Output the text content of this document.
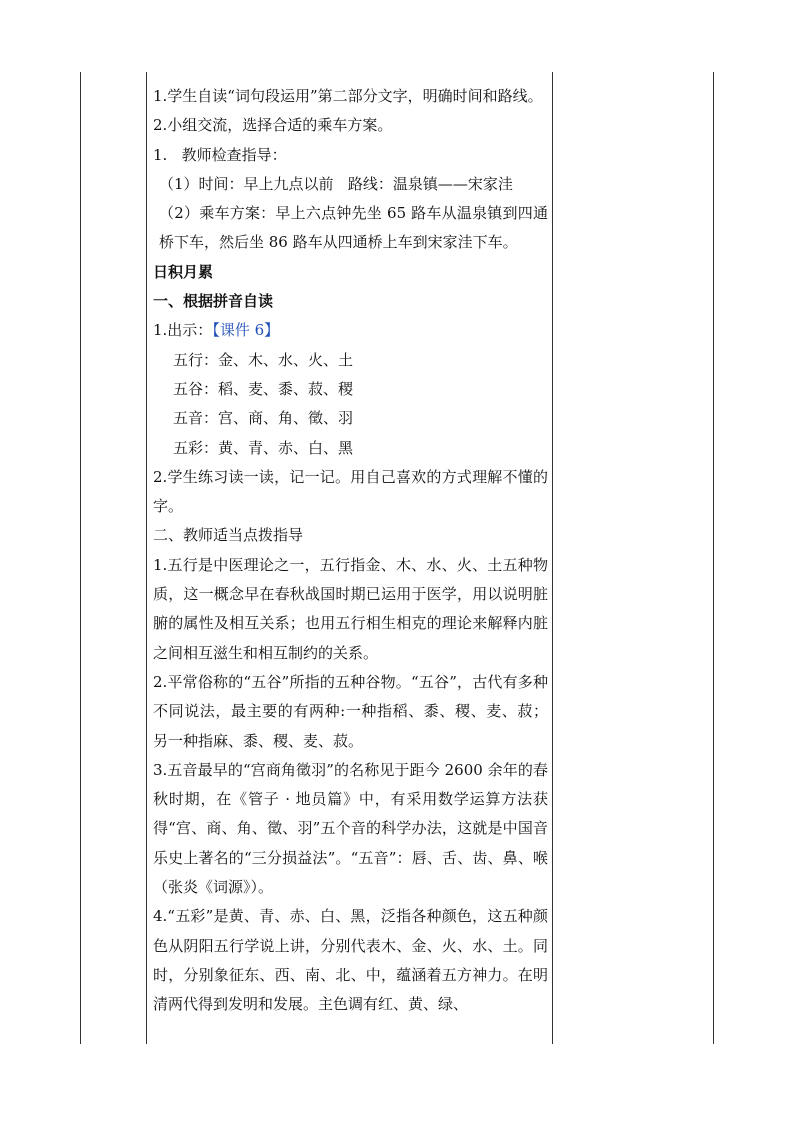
1.学生自读“词句段运用”第二部分文字，明确时间和路线。

2.小组交流，选择合适的乘车方案。

1.   教师检查指导：

（1）时间：早上九点以前   路线：温泉镇——宋家洼

（2）乘车方案：早上六点钟先坐 65 路车从温泉镇到四通桥下车，然后坐 86 路车从四通桥上车到宋家洼下车。

日积月累

一、根据拼音自读

1.出示：【课件 6】

五行：金、木、水、火、土

五谷：稻、麦、黍、菽、稷

五音：宫、商、角、徵、羽

五彩：黄、青、赤、白、黑

2.学生练习读一读，记一记。用自己喜欢的方式理解不懂的字。

二、教师适当点拨指导

1.五行是中医理论之一，五行指金、木、水、火、土五种物质，这一概念早在春秋战国时期已运用于医学，用以说明脏腑的属性及相互关系；也用五行相生相克的理论来解释内脏之间相互滋生和相互制约的关系。

2.平常俗称的“五谷”所指的五种谷物。“五谷”，古代有多种不同说法，最主要的有两种:一种指稻、黍、稷、麦、菽；另一种指麻、黍、稷、麦、菽。

3.五音最早的“宫商角徵羽”的名称见于距今 2600 余年的春秋时期，在《管子 · 地员篇》中，有采用数学运算方法获得“宫、商、角、徵、羽”五个音的科学办法，这就是中国音乐史上著名的“三分损益法”。“五音”：唇、舌、齿、鼻、喉（张炎《词源》）。

4.“五彩”是黄、青、赤、白、黑，泛指各种颜色，这五种颜色从阴阳五行学说上讲，分别代表木、金、火、水、土。同时，分别象征东、西、南、北、中，蕴涵着五方神力。在明清两代得到发明和发展。主色调有红、黄、绿、
